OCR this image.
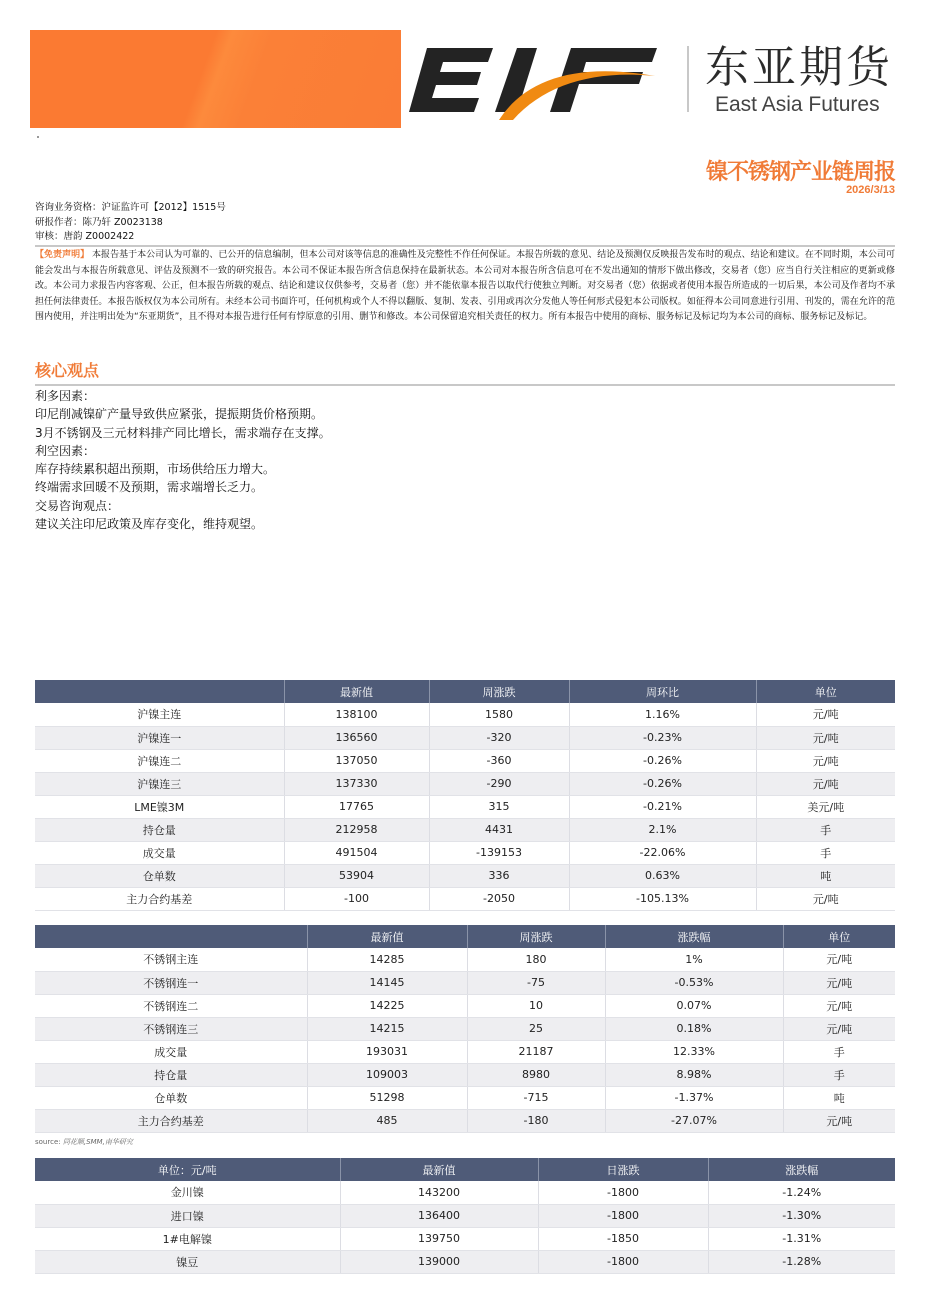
东亚期货
East Asia Futures
镍不锈钢产业链周报
2026/3/13
咨询业务资格：沪证监许可【2012】1515号
研报作者：陈乃轩 Z0023138
审核：唐韵 Z0002422
【免责声明】 本报告基于本公司认为可靠的、已公开的信息编制，但本公司对该等信息的准确性及完整性不作任何保证。本报告所载的意见、结论及预测仅反映报告发布时的观点、结论和建议。在不同时期，本公司可能会发出与本报告所载意见、评估及预测不一致的研究报告。本公司不保证本报告所含信息保持在最新状态。本公司对本报告所含信息可在不发出通知的情形下做出修改，交易者（您）应当自行关注相应的更新或修改。本公司力求报告内容客观、公正，但本报告所载的观点、结论和建议仅供参考，交易者（您）并不能依靠本报告以取代行使独立判断。对交易者（您）依据或者使用本报告所造成的一切后果，本公司及作者均不承担任何法律责任。本报告版权仅为本公司所有。未经本公司书面许可，任何机构或个人不得以翻版、复制、发表、引用或再次分发他人等任何形式侵犯本公司版权。如征得本公司同意进行引用、刊发的，需在允许的范围内使用，并注明出处为“东亚期货”，且不得对本报告进行任何有悖原意的引用、删节和修改。本公司保留追究相关责任的权力。所有本报告中使用的商标、服务标记及标记均为本公司的商标、服务标记及标记。
核心观点
利多因素：
印尼削减镍矿产量导致供应紧张，提振期货价格预期。
3月不锈钢及三元材料排产同比增长，需求端存在支撑。
利空因素：
库存持续累积超出预期，市场供给压力增大。
终端需求回暖不及预期，需求端增长乏力。
交易咨询观点：
建议关注印尼政策及库存变化，维持观望。
	最新值	周涨跌	周环比	单位
沪镍主连	138100	1580	1.16%	元/吨
沪镍连一	136560	-320	-0.23%	元/吨
沪镍连二	137050	-360	-0.26%	元/吨
沪镍连三	137330	-290	-0.26%	元/吨
LME镍3M	17765	315	-0.21%	美元/吨
持仓量	212958	4431	2.1%	手
成交量	491504	-139153	-22.06%	手
仓单数	53904	336	0.63%	吨
主力合约基差	-100	-2050	-105.13%	元/吨
	最新值	周涨跌	涨跌幅	单位
不锈钢主连	14285	180	1%	元/吨
不锈钢连一	14145	-75	-0.53%	元/吨
不锈钢连二	14225	10	0.07%	元/吨
不锈钢连三	14215	25	0.18%	元/吨
成交量	193031	21187	12.33%	手
持仓量	109003	8980	8.98%	手
仓单数	51298	-715	-1.37%	吨
主力合约基差	485	-180	-27.07%	元/吨
source: 同花顺,SMM,南华研究
单位：元/吨	最新值	日涨跌	涨跌幅
金川镍	143200	-1800	-1.24%
进口镍	136400	-1800	-1.30%
1#电解镍	139750	-1850	-1.31%
镍豆	139000	-1800	-1.28%
